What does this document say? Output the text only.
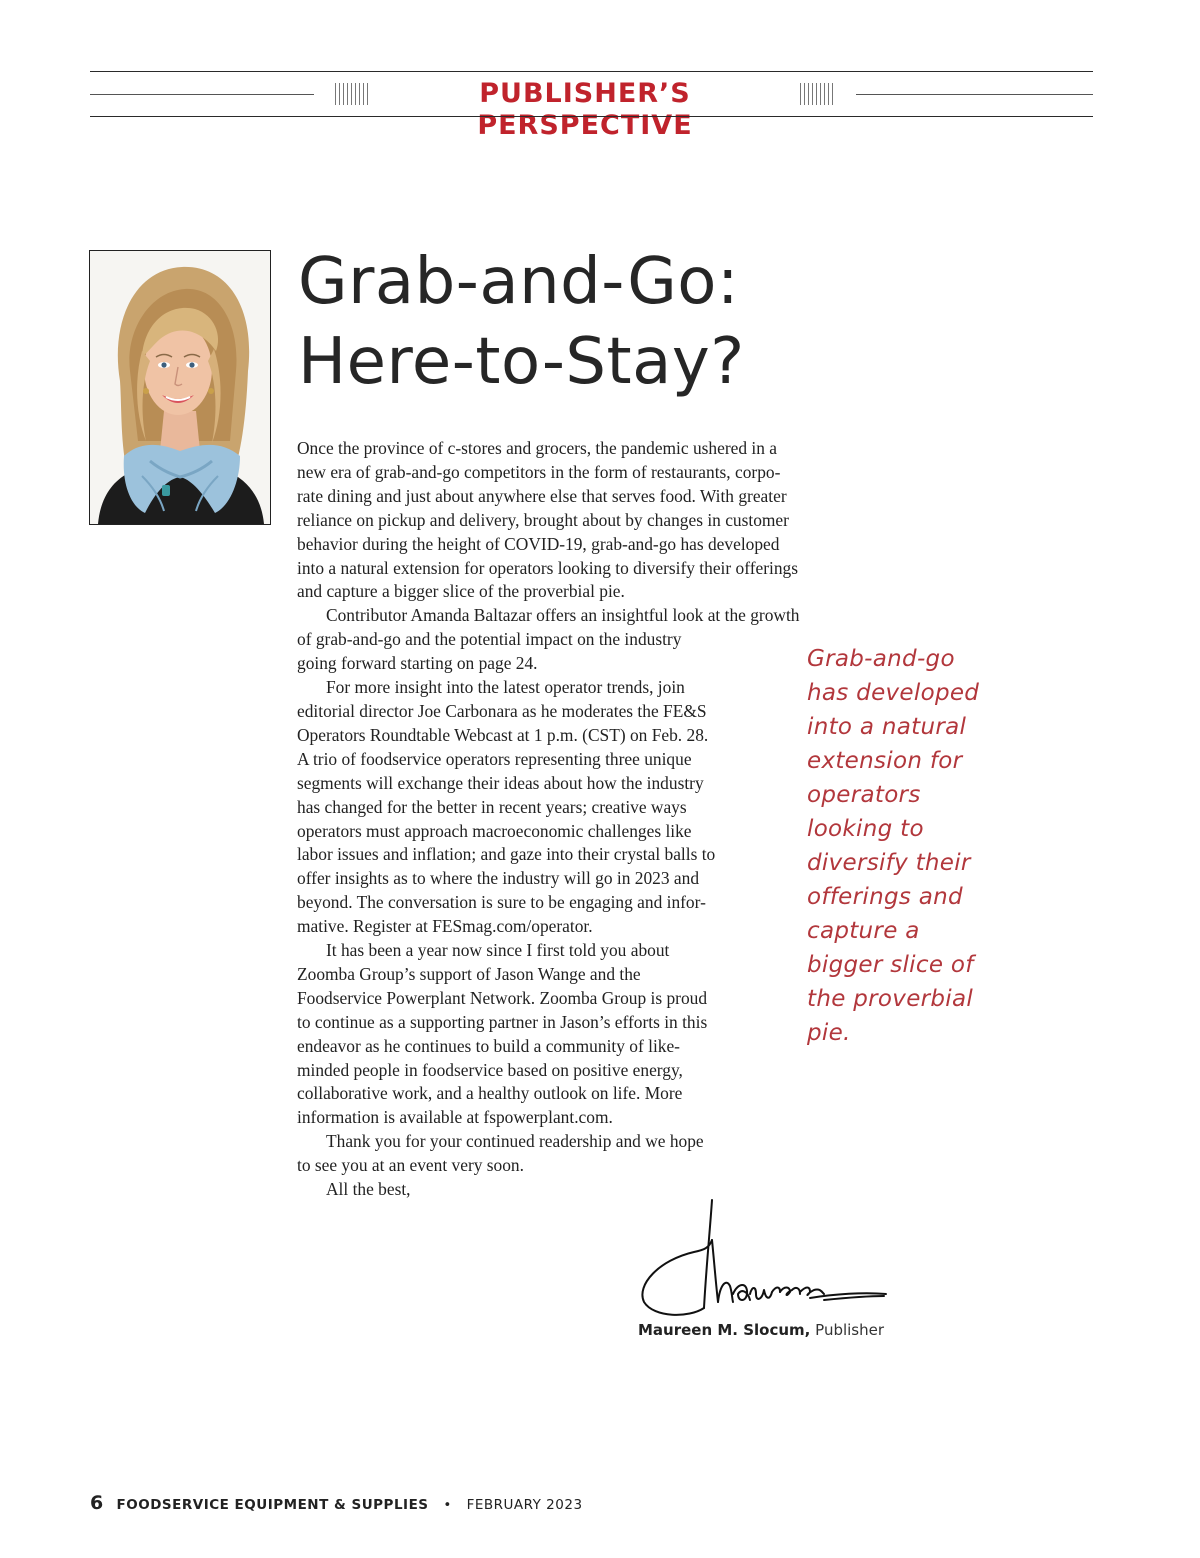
PUBLISHER’S PERSPECTIVE
Grab-and-Go:
Here-to-Stay?
Once the province of c-stores and grocers, the pandemic ushered in a
new era of grab-and-go competitors in the form of restaurants, corpo-
rate dining and just about anywhere else that serves food. With greater
reliance on pickup and delivery, brought about by changes in customer
behavior during the height of COVID-19, grab-and-go has developed
into a natural extension for operators looking to diversify their offerings
and capture a bigger slice of the proverbial pie.
Contributor Amanda Baltazar offers an insightful look at the growth
of grab-and-go and the potential impact on the industry
going forward starting on page 24.
For more insight into the latest operator trends, join
editorial director Joe Carbonara as he moderates the FE&S
Operators Roundtable Webcast at 1 p.m. (CST) on Feb. 28.
A trio of foodservice operators representing three unique
segments will exchange their ideas about how the industry
has changed for the better in recent years; creative ways
operators must approach macroeconomic challenges like
labor issues and inflation; and gaze into their crystal balls to
offer insights as to where the industry will go in 2023 and
beyond. The conversation is sure to be engaging and infor-
mative. Register at FESmag.com/operator.
It has been a year now since I first told you about
Zoomba Group’s support of Jason Wange and the
Foodservice Powerplant Network. Zoomba Group is proud
to continue as a supporting partner in Jason’s efforts in this
endeavor as he continues to build a community of like-
minded people in foodservice based on positive energy,
collaborative work, and a healthy outlook on life. More
information is available at fspowerplant.com.
Thank you for your continued readership and we hope
to see you at an event very soon.
All the best,
Grab-and-go
has developed
into a natural
extension for
operators
looking to
diversify their
offerings and
capture a
bigger slice of
the proverbial
pie.
Maureen M. Slocum, Publisher
6 FOODSERVICE EQUIPMENT & SUPPLIES • FEBRUARY 2023
